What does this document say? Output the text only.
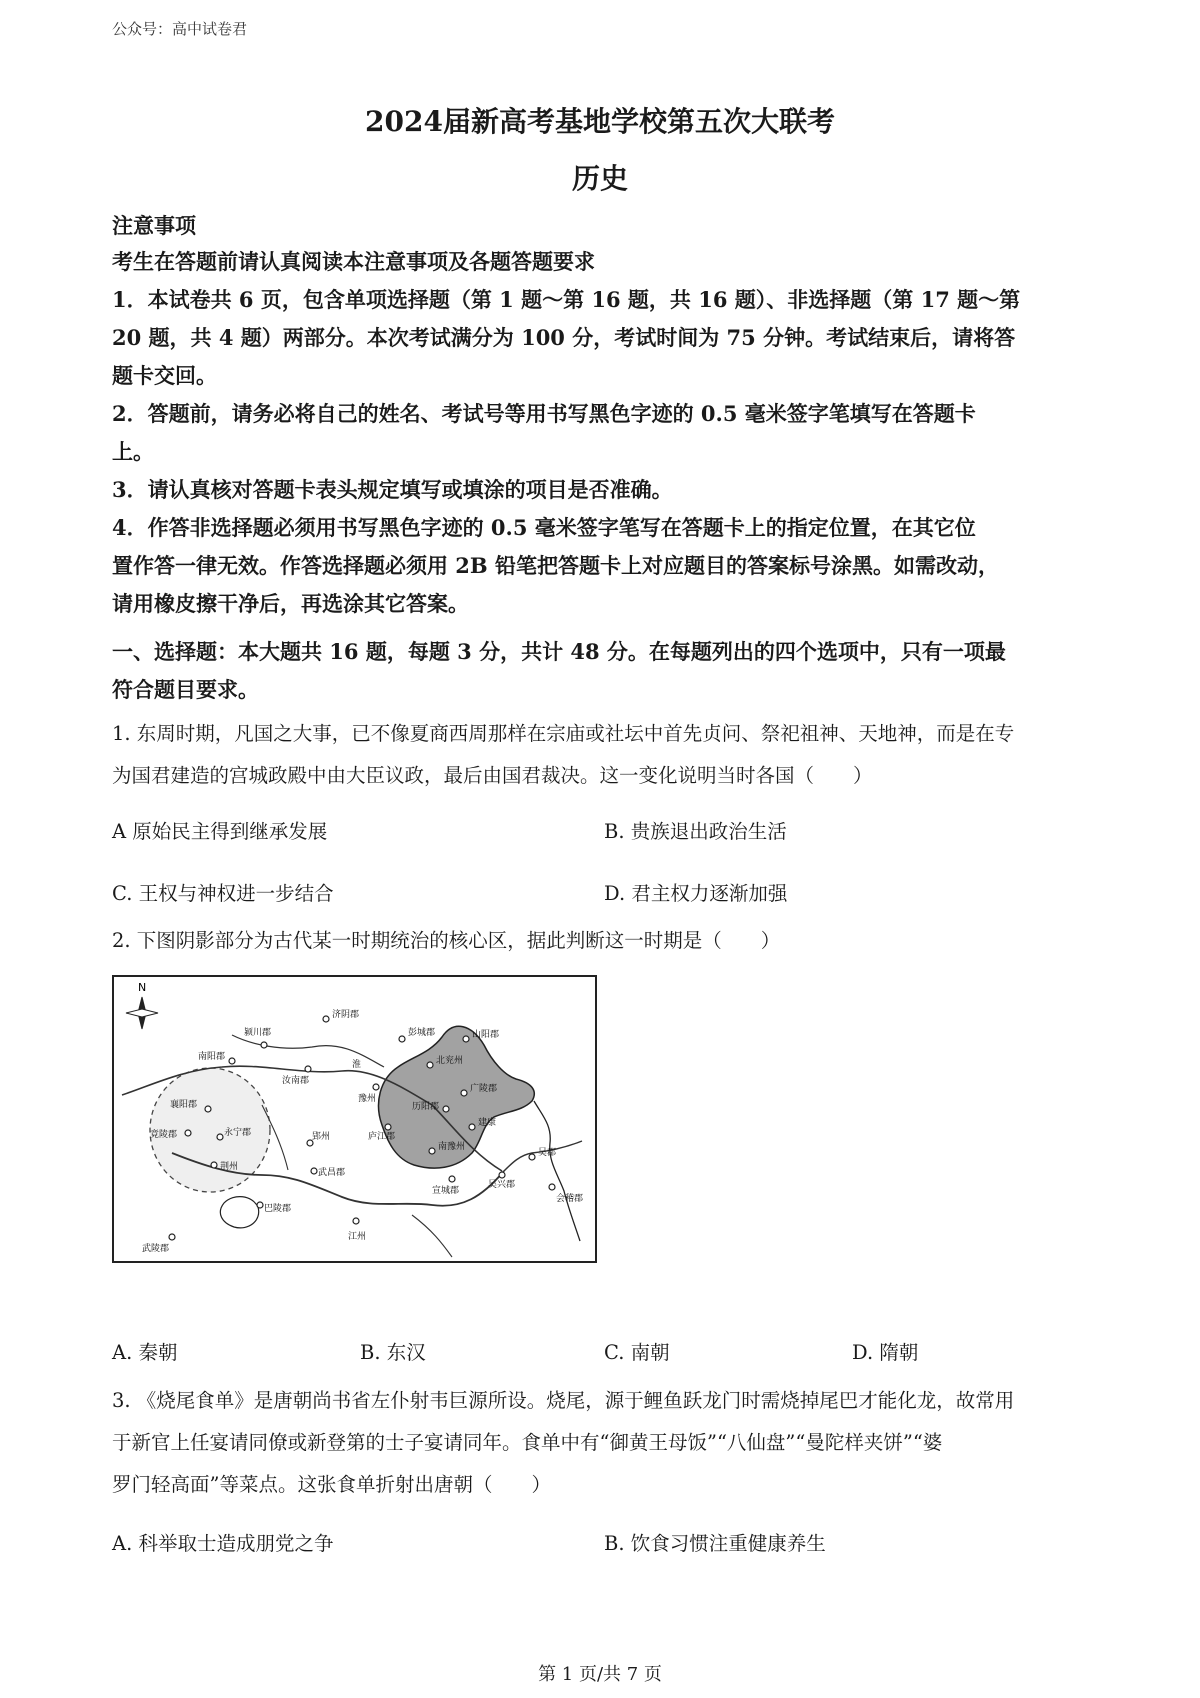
公众号：高中试卷君
2024届新高考基地学校第五次大联考
历史
注意事项
考生在答题前请认真阅读本注意事项及各题答题要求
1．本试卷共 6 页，包含单项选择题（第 1 题～第 16 题，共 16 题）、非选择题（第 17 题～第
20 题，共 4 题）两部分。本次考试满分为 100 分，考试时间为 75 分钟。考试结束后，请将答
题卡交回。
2．答题前，请务必将自己的姓名、考试号等用书写黑色字迹的 0.5 毫米签字笔填写在答题卡
上。
3．请认真核对答题卡表头规定填写或填涂的项目是否准确。
4．作答非选择题必须用书写黑色字迹的 0.5 毫米签字笔写在答题卡上的指定位置，在其它位
置作答一律无效。作答选择题必须用 2B 铅笔把答题卡上对应题目的答案标号涂黑。如需改动，
请用橡皮擦干净后，再选涂其它答案。
一、选择题：本大题共 16 题，每题 3 分，共计 48 分。在每题列出的四个选项中，只有一项最
符合题目要求。
1. 东周时期，凡国之大事，已不像夏商西周那样在宗庙或社坛中首先贞问、祭祀祖神、天地神，而是在专
为国君建造的宫城政殿中由大臣议政，最后由国君裁决。这一变化说明当时各国（　　）
A 原始民主得到继承发展	B. 贵族退出政治生活
C. 王权与神权进一步结合	D. 君主权力逐渐加强
2. 下图阴影部分为古代某一时期统治的核心区，据此判断这一时期是（　　）
N
山阳郡
北兖州
豫州
广陵郡
历阳郡
建康
庐江郡
南豫州
吴郡
吴兴郡
会稽郡
宣城郡
襄阳郡
竟陵郡	永宁郡
荆州
郢州
武昌郡
江州
巴陵郡
武陵郡
南阳郡
颍川郡
汝南郡
彭城郡
济阴郡
淮
A. 秦朝	B. 东汉	C. 南朝	D. 隋朝
3. 《烧尾食单》是唐朝尚书省左仆射韦巨源所设。烧尾，源于鲤鱼跃龙门时需烧掉尾巴才能化龙，故常用
于新官上任宴请同僚或新登第的士子宴请同年。食单中有“御黄王母饭”“八仙盘”“曼陀样夹饼”“婆
罗门轻高面”等菜点。这张食单折射出唐朝（　　）
A. 科举取士造成朋党之争	B. 饮食习惯注重健康养生
第 1 页/共 7 页
